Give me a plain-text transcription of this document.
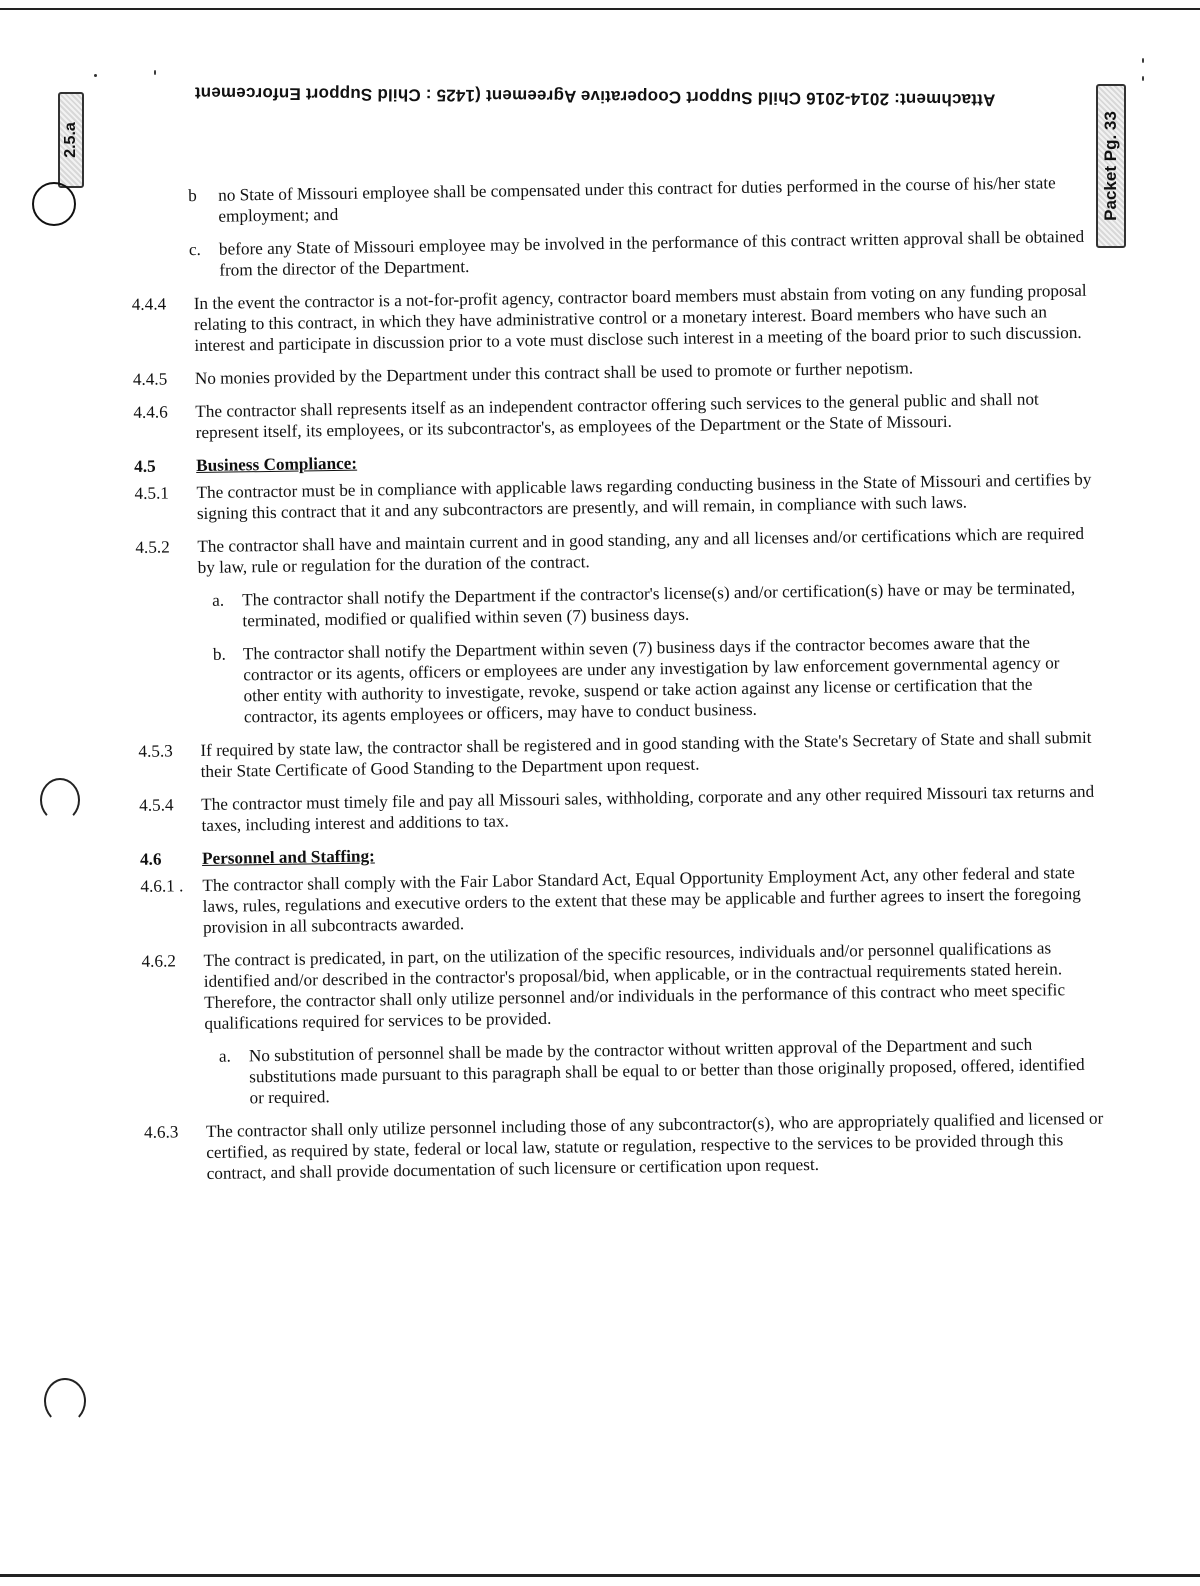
Attachment: 2014-2016 Child Support Cooperative Agreement (1425 : Child Support Enforcement
2.5.a	Packet Pg. 33
b	no State of Missouri employee shall be compensated under this contract for duties performed in the course of his/her state employment; and
c.	before any State of Missouri employee may be involved in the performance of this contract written approval shall be obtained from the director of the Department.
4.4.4	In the event the contractor is a not-for-profit agency, contractor board members must abstain from voting on any funding proposal relating to this contract, in which they have administrative control or a monetary interest. Board members who have such an interest and participate in discussion prior to a vote must disclose such interest in a meeting of the board prior to such discussion.
4.4.5	No monies provided by the Department under this contract shall be used to promote or further nepotism.
4.4.6	The contractor shall represents itself as an independent contractor offering such services to the general public and shall not represent itself, its employees, or its subcontractor's, as employees of the Department or the State of Missouri.
4.5	Business Compliance:
4.5.1	The contractor must be in compliance with applicable laws regarding conducting business in the State of Missouri and certifies by signing this contract that it and any subcontractors are presently, and will remain, in compliance with such laws.
4.5.2	The contractor shall have and maintain current and in good standing, any and all licenses and/or certifications which are required by law, rule or regulation for the duration of the contract.
a.	The contractor shall notify the Department if the contractor's license(s) and/or certification(s) have or may be terminated, terminated, modified or qualified within seven (7) business days.
b. The contractor shall notify the Department within seven (7) business days if the contractor becomes aware that the contractor or its agents, officers or employees are under any investigation by law enforcement governmental agency or other entity with authority to investigate, revoke, suspend or take action against any license or certification that the contractor, its agents employees or officers, may have to conduct business.
4.5.3	If required by state law, the contractor shall be registered and in good standing with the State's Secretary of State and shall submit their State Certificate of Good Standing to the Department upon request.
4.5.4	The contractor must timely file and pay all Missouri sales, withholding, corporate and any other required Missouri tax returns and taxes, including interest and additions to tax.
4.6	Personnel and Staffing:
4.6.1 .	The contractor shall comply with the Fair Labor Standard Act, Equal Opportunity Employment Act, any other federal and state laws, rules, regulations and executive orders to the extent that these may be applicable and further agrees to insert the foregoing provision in all subcontracts awarded.
4.6.2	The contract is predicated, in part, on the utilization of the specific resources, individuals and/or personnel qualifications as identified and/or described in the contractor's proposal/bid, when applicable, or in the contractual requirements stated herein. Therefore, the contractor shall only utilize personnel and/or individuals in the performance of this contract who meet specific qualifications required for services to be provided.
a.	No substitution of personnel shall be made by the contractor without written approval of the Department and such substitutions made pursuant to this paragraph shall be equal to or better than those originally proposed, offered, identified or required.
4.6.3	The contractor shall only utilize personnel including those of any subcontractor(s), who are appropriately qualified and licensed or certified, as required by state, federal or local law, statute or regulation, respective to the services to be provided through this contract, and shall provide documentation of such licensure or certification upon request.
